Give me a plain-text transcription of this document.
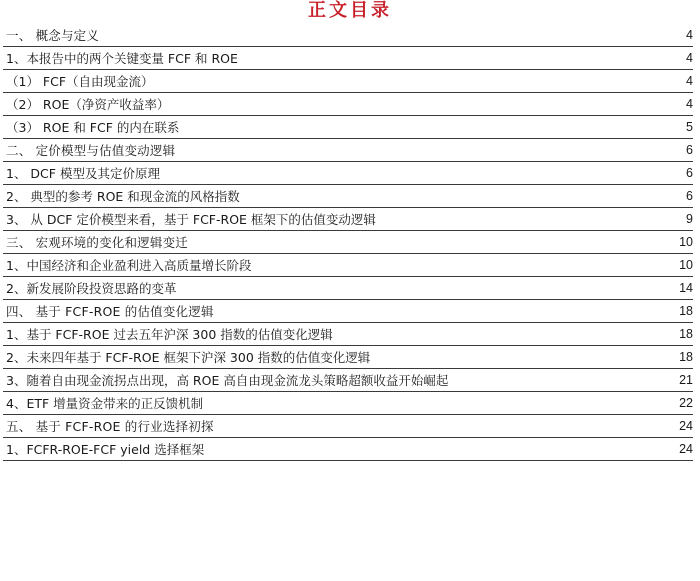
正文目录
一、 概念与定义	4
1、本报告中的两个关键变量 FCF 和 ROE	4
（1） FCF（自由现金流）	4
（2） ROE（净资产收益率）	4
（3） ROE 和 FCF 的内在联系	5
二、 定价模型与估值变动逻辑	6
1、 DCF 模型及其定价原理	6
2、 典型的参考 ROE 和现金流的风格指数	6
3、 从 DCF 定价模型来看，基于 FCF-ROE 框架下的估值变动逻辑	9
三、 宏观环境的变化和逻辑变迁	10
1、中国经济和企业盈利进入高质量增长阶段	10
2、新发展阶段投资思路的变革	14
四、 基于 FCF-ROE 的估值变化逻辑	18
1、基于 FCF-ROE 过去五年沪深 300 指数的估值变化逻辑	18
2、未来四年基于 FCF-ROE 框架下沪深 300 指数的估值变化逻辑	18
3、随着自由现金流拐点出现，高 ROE 高自由现金流龙头策略超额收益开始崛起	21
4、ETF 增量资金带来的正反馈机制	22
五、 基于 FCF-ROE 的行业选择初探	24
1、FCFR-ROE-FCF yield 选择框架	24
